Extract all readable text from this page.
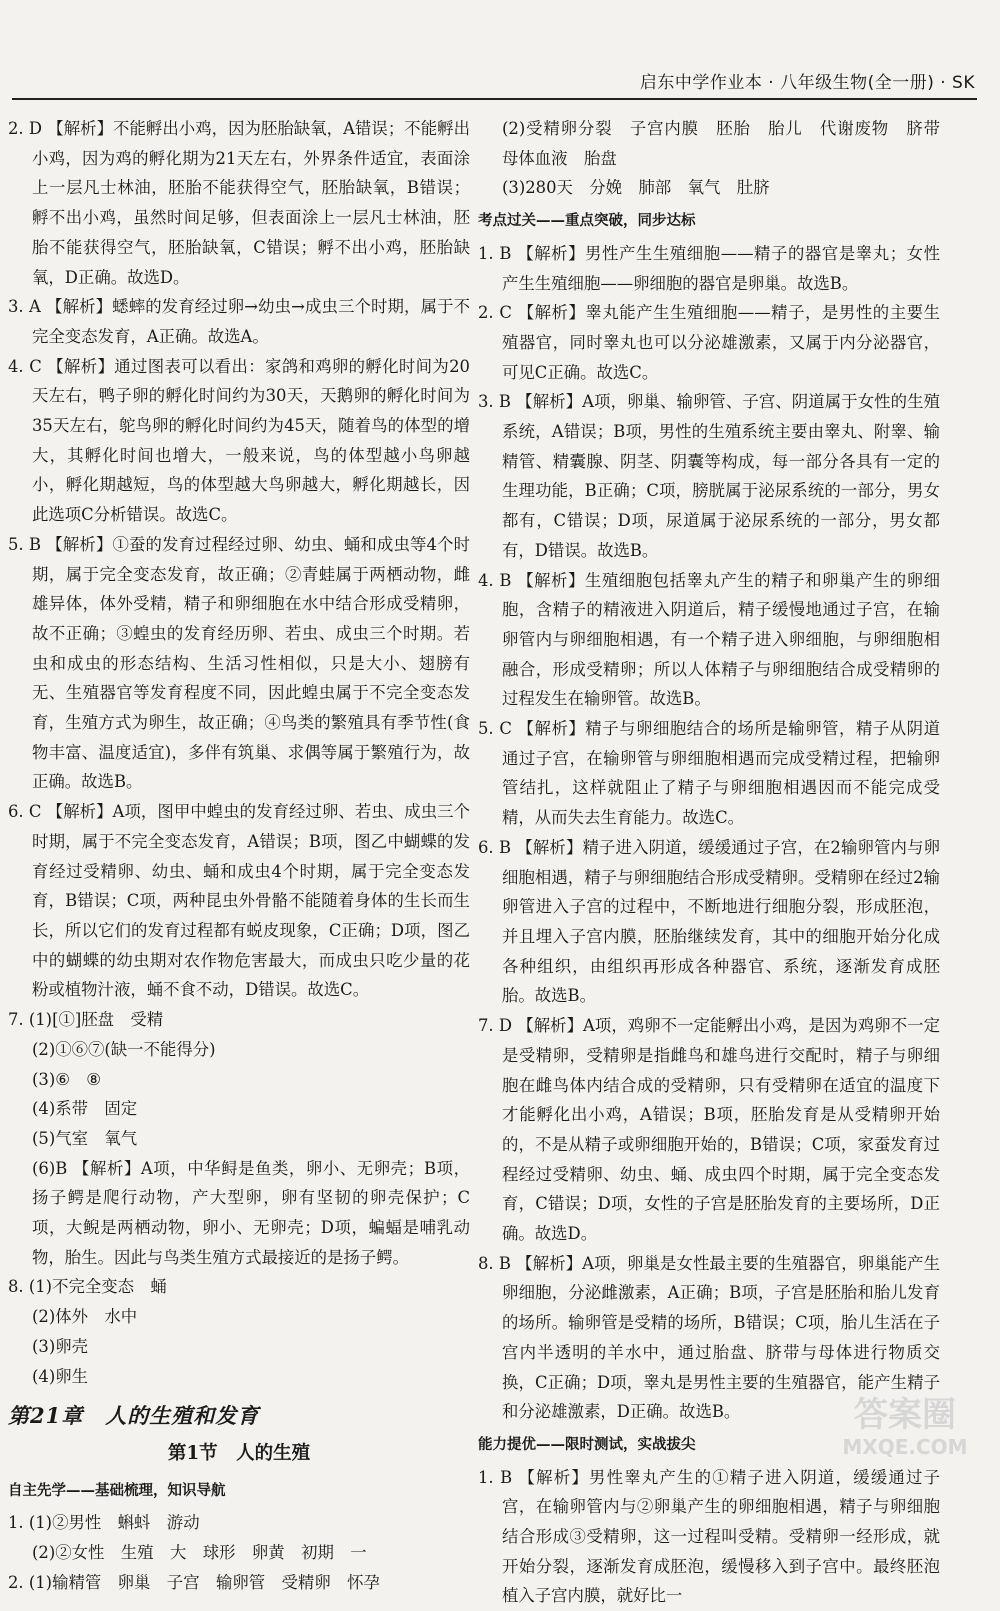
启东中学作业本 · 八年级生物(全一册) · SK

2. D 【解析】不能孵出小鸡，因为胚胎缺氧，A错误；不能孵出小鸡，因为鸡的孵化期为21天左右，外界条件适宜，表面涂上一层凡士林油，胚胎不能获得空气，胚胎缺氧，B错误；孵不出小鸡，虽然时间足够，但表面涂上一层凡士林油，胚胎不能获得空气，胚胎缺氧，C错误；孵不出小鸡，胚胎缺氧，D正确。故选D。

3. A 【解析】蟋蟀的发育经过卵→幼虫→成虫三个时期，属于不完全变态发育，A正确。故选A。

4. C 【解析】通过图表可以看出：家鸽和鸡卵的孵化时间为20天左右，鸭子卵的孵化时间约为30天，天鹅卵的孵化时间为35天左右，鸵鸟卵的孵化时间约为45天，随着鸟的体型的增大，其孵化时间也增大，一般来说，鸟的体型越小鸟卵越小，孵化期越短，鸟的体型越大鸟卵越大，孵化期越长，因此选项C分析错误。故选C。

5. B 【解析】①蚕的发育过程经过卵、幼虫、蛹和成虫等4个时期，属于完全变态发育，故正确；②青蛙属于两栖动物，雌雄异体，体外受精，精子和卵细胞在水中结合形成受精卵，故不正确；③蝗虫的发育经历卵、若虫、成虫三个时期。若虫和成虫的形态结构、生活习性相似，只是大小、翅膀有无、生殖器官等发育程度不同，因此蝗虫属于不完全变态发育，生殖方式为卵生，故正确；④鸟类的繁殖具有季节性(食物丰富、温度适宜)，多伴有筑巢、求偶等属于繁殖行为，故正确。故选B。

6. C 【解析】A项，图甲中蝗虫的发育经过卵、若虫、成虫三个时期，属于不完全变态发育，A错误；B项，图乙中蝴蝶的发育经过受精卵、幼虫、蛹和成虫4个时期，属于完全变态发育，B错误；C项，两种昆虫外骨骼不能随着身体的生长而生长，所以它们的发育过程都有蜕皮现象，C正确；D项，图乙中的蝴蝶的幼虫期对农作物危害最大，而成虫只吃少量的花粉或植物汁液，蛹不食不动，D错误。故选C。

7. (1)[①]胚盘　受精

(2)①⑥⑦(缺一不能得分)

(3)⑥　⑧

(4)系带　固定

(5)气室　氧气

(6)B 【解析】A项，中华鲟是鱼类，卵小、无卵壳；B项，扬子鳄是爬行动物，产大型卵，卵有坚韧的卵壳保护；C项，大鲵是两栖动物，卵小、无卵壳；D项，蝙蝠是哺乳动物，胎生。因此与鸟类生殖方式最接近的是扬子鳄。

8. (1)不完全变态　蛹

(2)体外　水中

(3)卵壳

(4)卵生

第21章　人的生殖和发育

第1节　人的生殖

自主先学——基础梳理，知识导航

1. (1)②男性　蝌蚪　游动

(2)②女性　生殖　大　球形　卵黄　初期　一

2. (1)输精管　卵巢　子宫　输卵管　受精卵　怀孕

(2)受精卵分裂　子宫内膜　胚胎　胎儿　代谢废物　脐带　母体血液　胎盘

(3)280天　分娩　肺部　氧气　肚脐

考点过关——重点突破，同步达标

1. B 【解析】男性产生生殖细胞——精子的器官是睾丸；女性产生生殖细胞——卵细胞的器官是卵巢。故选B。

2. C 【解析】睾丸能产生生殖细胞——精子，是男性的主要生殖器官，同时睾丸也可以分泌雄激素，又属于内分泌器官，可见C正确。故选C。

3. B 【解析】A项，卵巢、输卵管、子宫、阴道属于女性的生殖系统，A错误；B项，男性的生殖系统主要由睾丸、附睾、输精管、精囊腺、阴茎、阴囊等构成，每一部分各具有一定的生理功能，B正确；C项，膀胱属于泌尿系统的一部分，男女都有，C错误；D项，尿道属于泌尿系统的一部分，男女都有，D错误。故选B。

4. B 【解析】生殖细胞包括睾丸产生的精子和卵巢产生的卵细胞，含精子的精液进入阴道后，精子缓慢地通过子宫，在输卵管内与卵细胞相遇，有一个精子进入卵细胞，与卵细胞相融合，形成受精卵；所以人体精子与卵细胞结合成受精卵的过程发生在输卵管。故选B。

5. C 【解析】精子与卵细胞结合的场所是输卵管，精子从阴道通过子宫，在输卵管与卵细胞相遇而完成受精过程，把输卵管结扎，这样就阻止了精子与卵细胞相遇因而不能完成受精，从而失去生育能力。故选C。

6. B 【解析】精子进入阴道，缓缓通过子宫，在2输卵管内与卵细胞相遇，精子与卵细胞结合形成受精卵。受精卵在经过2输卵管进入子宫的过程中，不断地进行细胞分裂，形成胚泡，并且埋入子宫内膜，胚胎继续发育，其中的细胞开始分化成各种组织，由组织再形成各种器官、系统，逐渐发育成胚胎。故选B。

7. D 【解析】A项，鸡卵不一定能孵出小鸡，是因为鸡卵不一定是受精卵，受精卵是指雌鸟和雄鸟进行交配时，精子与卵细胞在雌鸟体内结合成的受精卵，只有受精卵在适宜的温度下才能孵化出小鸡，A错误；B项，胚胎发育是从受精卵开始的，不是从精子或卵细胞开始的，B错误；C项，家蚕发育过程经过受精卵、幼虫、蛹、成虫四个时期，属于完全变态发育，C错误；D项，女性的子宫是胚胎发育的主要场所，D正确。故选D。

8. B 【解析】A项，卵巢是女性最主要的生殖器官，卵巢能产生卵细胞，分泌雌激素，A正确；B项，子宫是胚胎和胎儿发育的场所。输卵管是受精的场所，B错误；C项，胎儿生活在子宫内半透明的羊水中，通过胎盘、脐带与母体进行物质交换，C正确；D项，睾丸是男性主要的生殖器官，能产生精子和分泌雄激素，D正确。故选B。

能力提优——限时测试，实战拔尖

1. B 【解析】男性睾丸产生的①精子进入阴道，缓缓通过子宫，在输卵管内与②卵巢产生的卵细胞相遇，精子与卵细胞结合形成③受精卵，这一过程叫受精。受精卵一经形成，就开始分裂，逐渐发育成胚泡，缓慢移入到子宫中。最终胚泡植入子宫内膜，就好比一

答案圈
MXQE.COM
